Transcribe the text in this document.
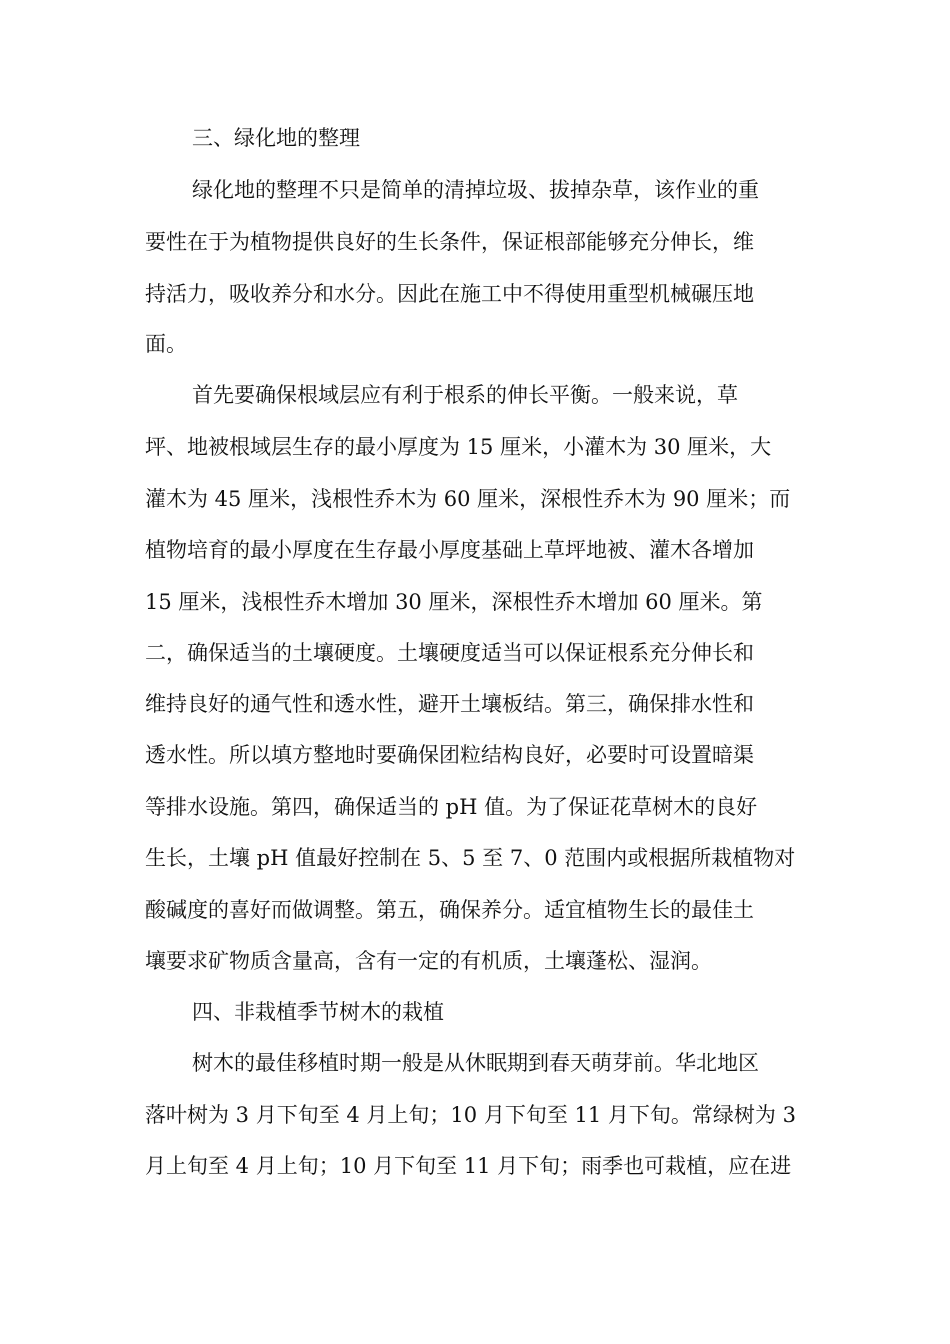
三、绿化地的整理
绿化地的整理不只是简单的清掉垃圾、拔掉杂草，该作业的重
要性在于为植物提供良好的生长条件，保证根部能够充分伸长，维
持活力，吸收养分和水分。因此在施工中不得使用重型机械碾压地
面。
首先要确保根域层应有利于根系的伸长平衡。一般来说，草
坪、地被根域层生存的最小厚度为 15 厘米，小灌木为 30 厘米，大
灌木为 45 厘米，浅根性乔木为 60 厘米，深根性乔木为 90 厘米；而
植物培育的最小厚度在生存最小厚度基础上草坪地被、灌木各增加
15 厘米，浅根性乔木增加 30 厘米，深根性乔木增加 60 厘米。第
二，确保适当的土壤硬度。土壤硬度适当可以保证根系充分伸长和
维持良好的通气性和透水性，避开土壤板结。第三，确保排水性和
透水性。所以填方整地时要确保团粒结构良好，必要时可设置暗渠
等排水设施。第四，确保适当的 pH 值。为了保证花草树木的良好
生长，土壤 pH 值最好控制在 5、5 至 7、0 范围内或根据所栽植物对
酸碱度的喜好而做调整。第五，确保养分。适宜植物生长的最佳土
壤要求矿物质含量高，含有一定的有机质，土壤蓬松、湿润。
四、非栽植季节树木的栽植
树木的最佳移植时期一般是从休眠期到春天萌芽前。华北地区
落叶树为 3 月下旬至 4 月上旬；10 月下旬至 11 月下旬。常绿树为 3
月上旬至 4 月上旬；10 月下旬至 11 月下旬；雨季也可栽植，应在进
